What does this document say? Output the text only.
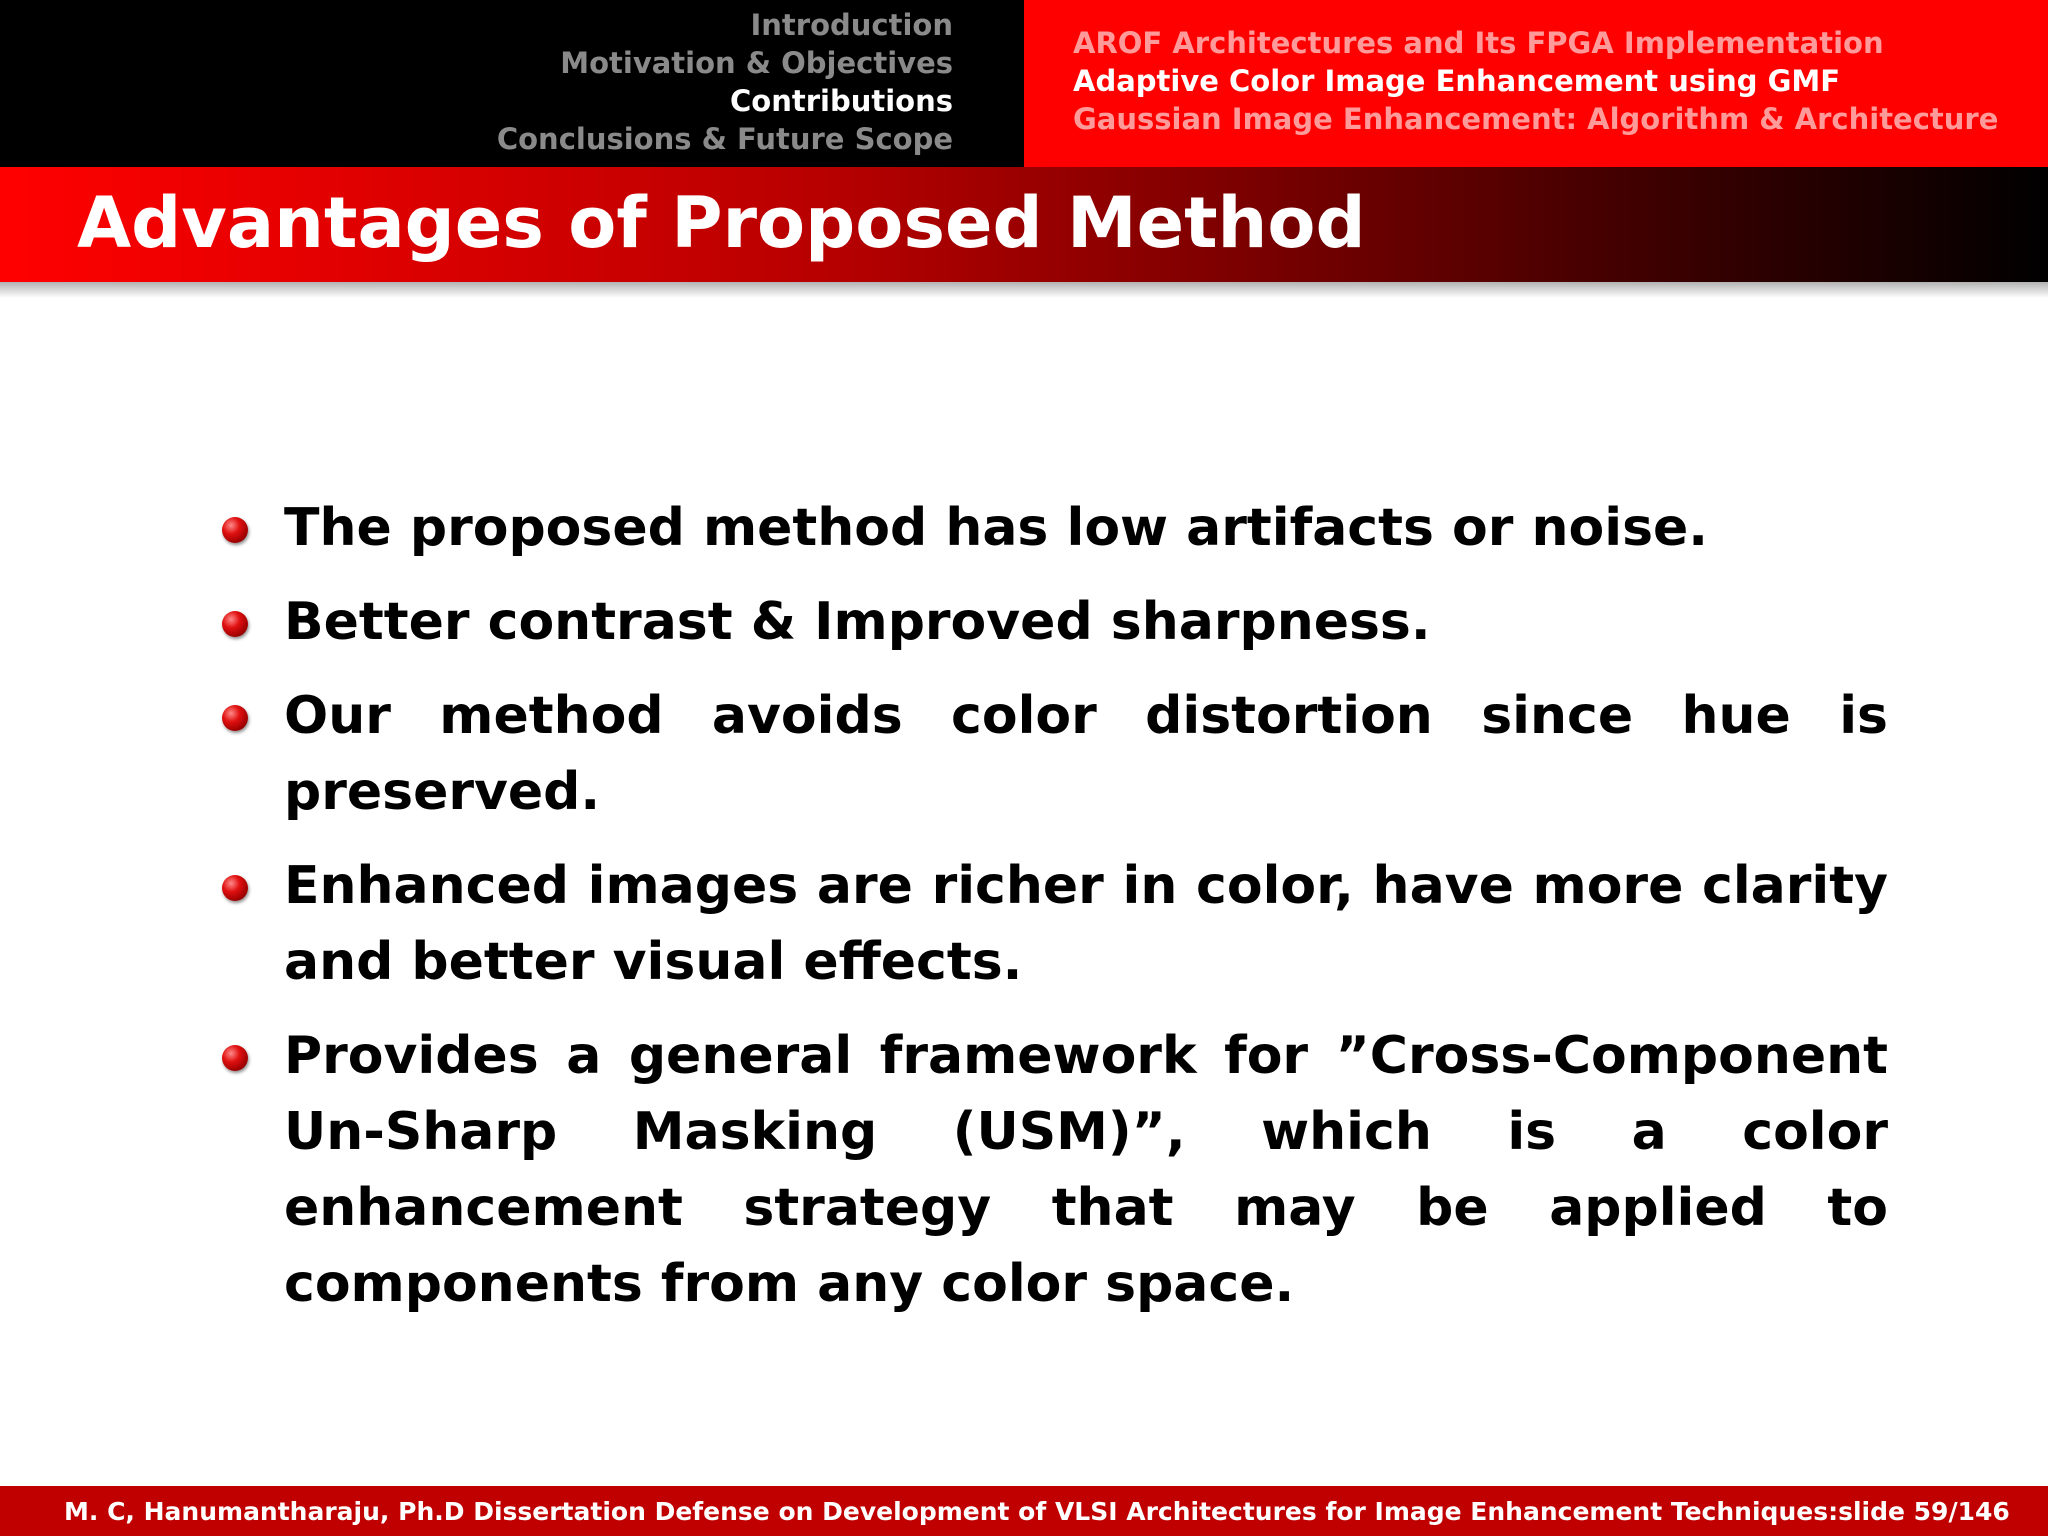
Introduction
Motivation & Objectives
Contributions
Conclusions & Future Scope
AROF Architectures and Its FPGA Implementation
Adaptive Color Image Enhancement using GMF
Gaussian Image Enhancement: Algorithm & Architecture
Advantages of Proposed Method
The proposed method has low artifacts or noise.
Better contrast & Improved sharpness.
Our method avoids color distortion since hue is preserved.
Enhanced images are richer in color, have more clarity and better visual effects.
Provides a general framework for ”Cross-Component Un-Sharp Masking (USM)”, which is a color enhancement strategy that may be applied to components from any color space.
M. C, Hanumantharaju, Ph.D Dissertation Defense on Development of VLSI Architectures for Image Enhancement Techniques: slide 59/146
